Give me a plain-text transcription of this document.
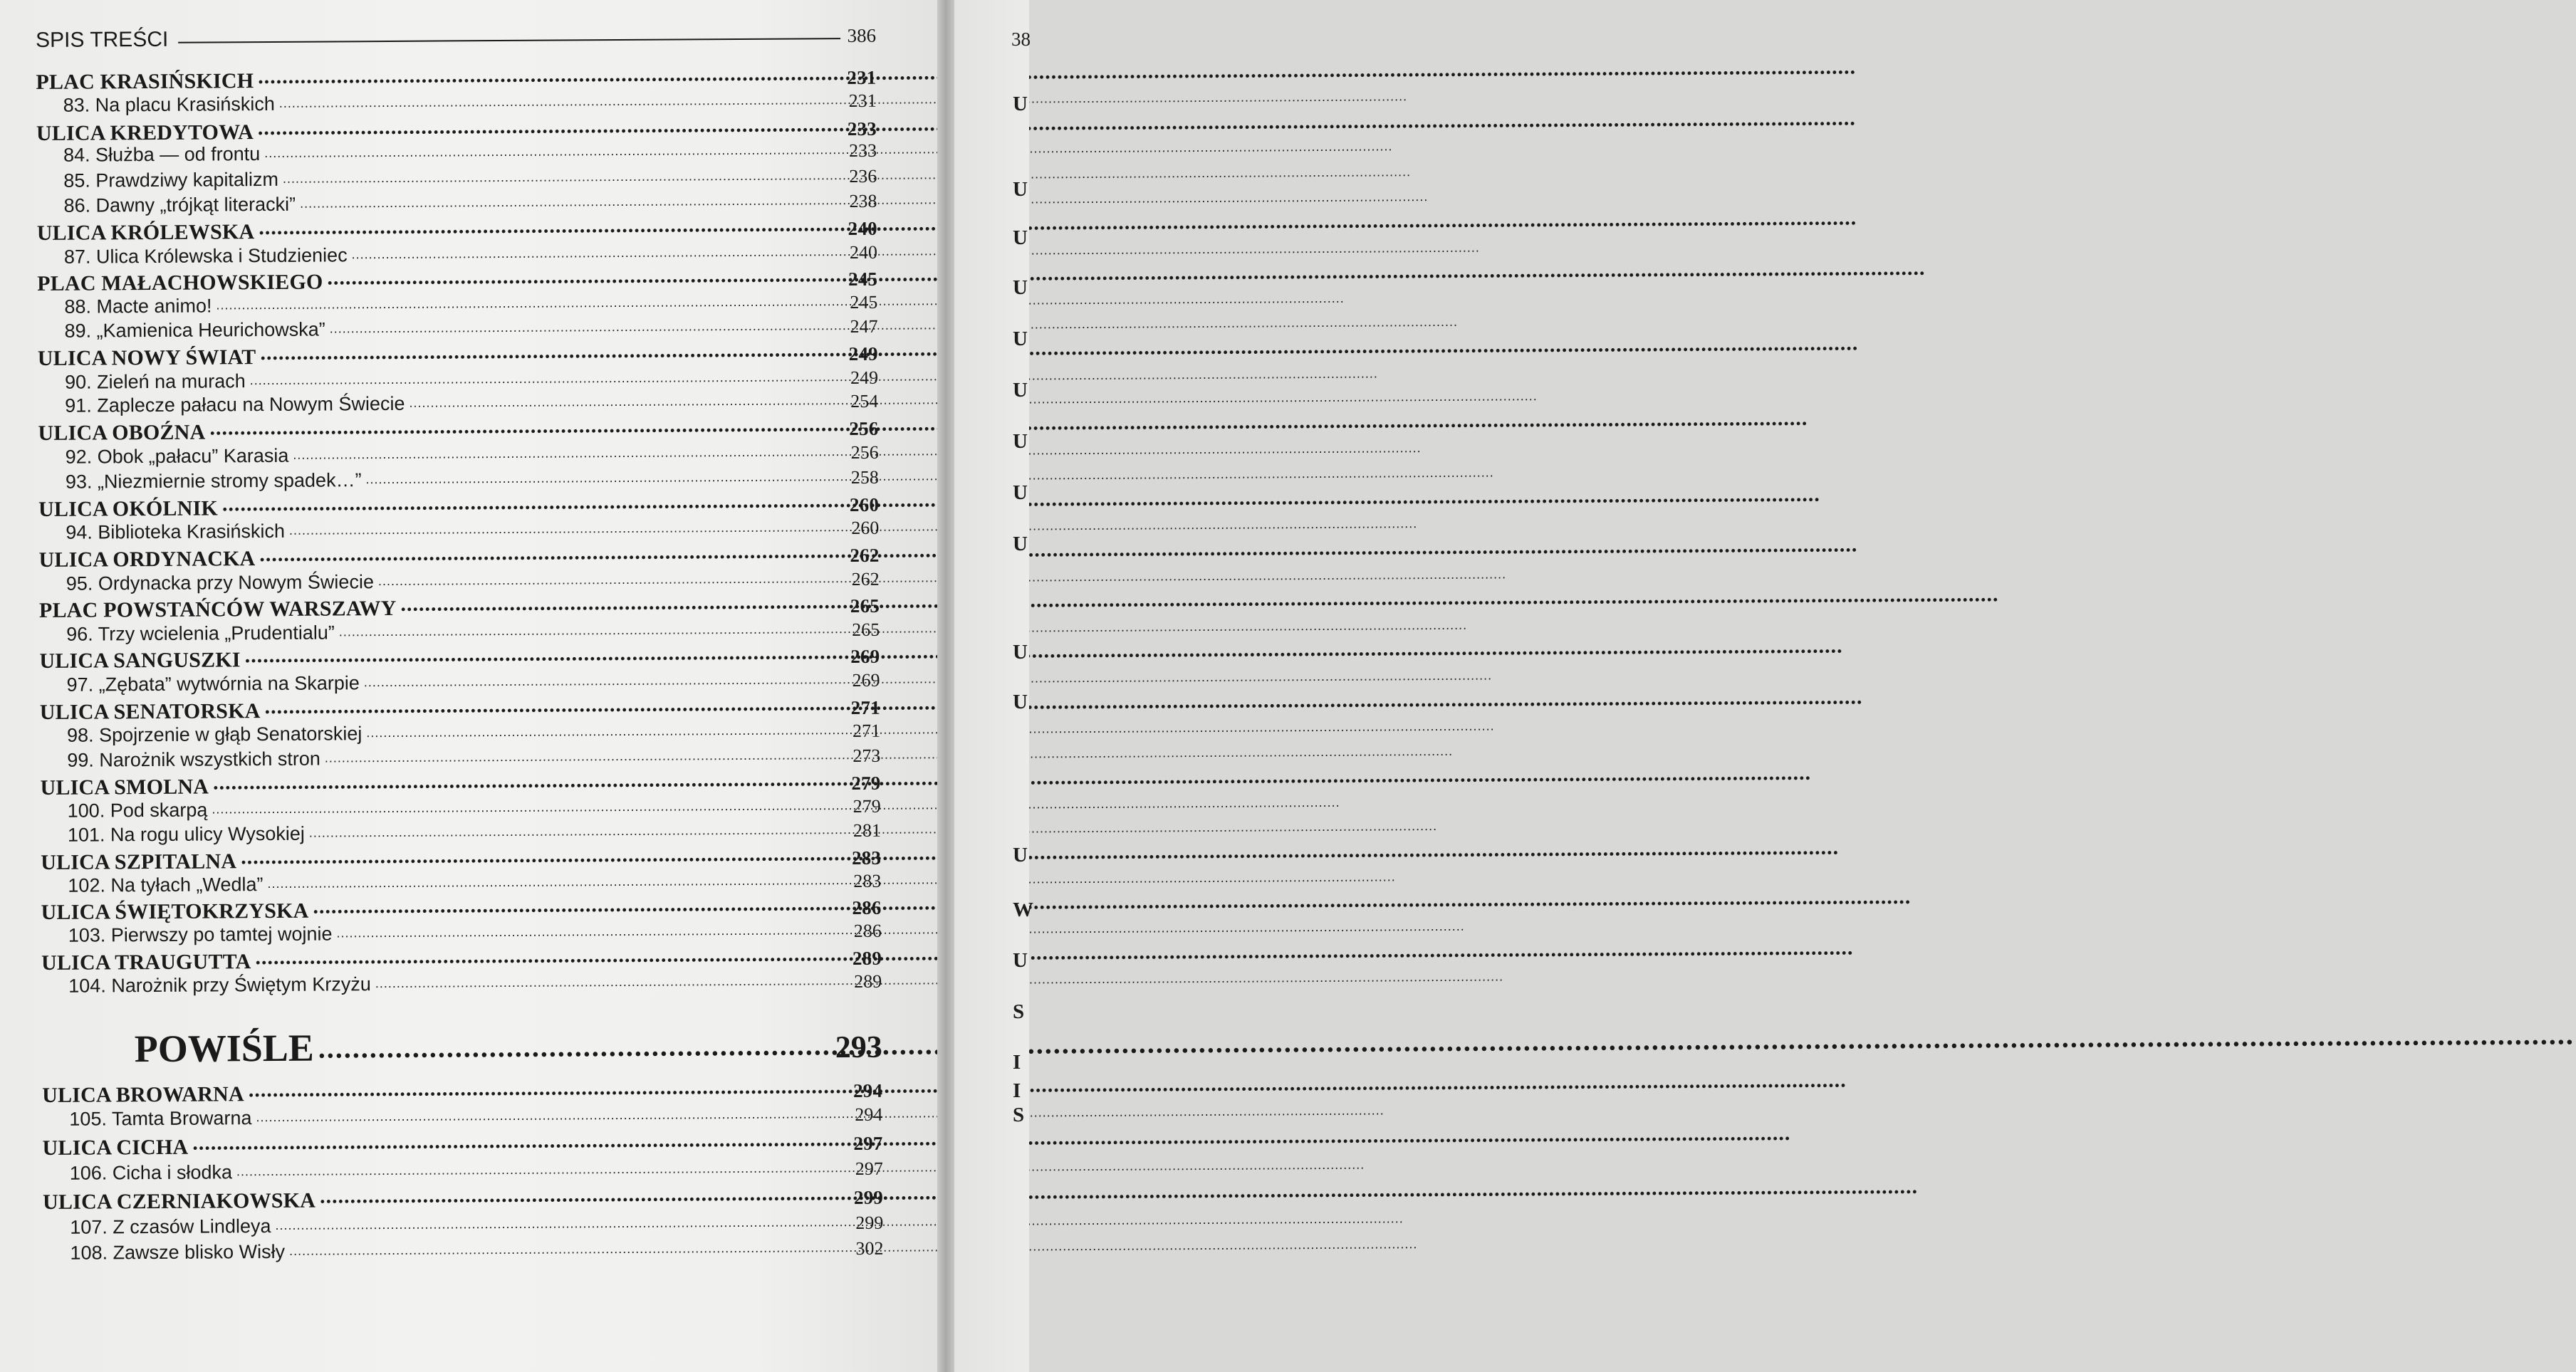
SPIS TREŚCI	386
PLAC KRASIŃSKICH .....	231
83. Na placu Krasińskich .....	231
ULICA KREDYTOWA .....	233
84. Służba — od frontu .....	233
85. Prawdziwy kapitalizm .....	236
86. Dawny „trójkąt literacki” .....	238
ULICA KRÓLEWSKA .....	240
87. Ulica Królewska i Studzieniec .....	240
PLAC MAŁACHOWSKIEGO .....	245
88. Macte animo! .....	245
89. „Kamienica Heurichowska” .....	247
ULICA NOWY ŚWIAT .....	249
90. Zieleń na murach .....	249
91. Zaplecze pałacu na Nowym Świecie .....	254
ULICA OBOŹNA .....	256
92. Obok „pałacu” Karasia .....	256
93. „Niezmiernie stromy spadek…” .....	258
ULICA OKÓLNIK .....	260
94. Biblioteka Krasińskich .....	260
ULICA ORDYNACKA .....	262
95. Ordynacka przy Nowym Świecie .....	262
PLAC POWSTAŃCÓW WARSZAWY .....	265
96. Trzy wcielenia „Prudentialu” .....	265
ULICA SANGUSZKI .....	269
97. „Zębata” wytwórnia na Skarpie .....	269
ULICA SENATORSKA .....	271
98. Spojrzenie w głąb Senatorskiej .....	271
99. Narożnik wszystkich stron .....	273
ULICA SMOLNA .....	279
100. Pod skarpą .....	279
101. Na rogu ulicy Wysokiej .....	281
ULICA SZPITALNA .....	283
102. Na tyłach „Wedla” .....	283
ULICA ŚWIĘTOKRZYSKA .....	286
103. Pierwszy po tamtej wojnie .....	286
ULICA TRAUGUTTA .....	289
104. Narożnik przy Świętym Krzyżu .....	289
POWIŚLE .....	293
ULICA BROWARNA .....	294
105. Tamta Browarna .....	294
ULICA CICHA .....	297
106. Cicha i słodka .....	297
ULICA CZERNIAKOWSKA .....	299
107. Z czasów Lindleya .....	299
108. Zawsze blisko Wisły .....	302
38
U
U
U
U
U
U
U
U
U
U
U
U
W
U
S
I
I
S
